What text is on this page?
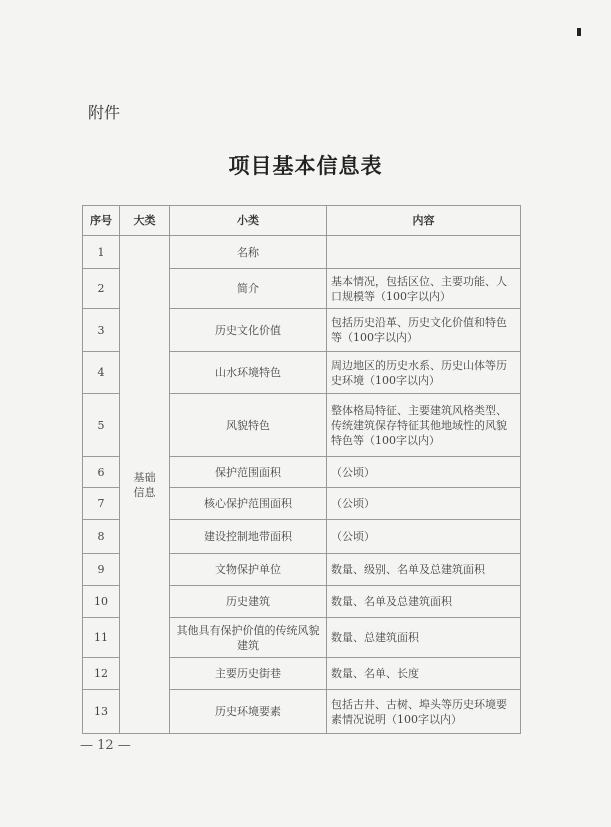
附件
项目基本信息表
序号	大类	小类	内容
1	基础信息	名称	
2		简介	基本情况，包括区位、主要功能、人口规模等（100字以内）
3		历史文化价值	包括历史沿革、历史文化价值和特色等（100字以内）
4		山水环境特色	周边地区的历史水系、历史山体等历史环境（100字以内）
5		风貌特色	整体格局特征、主要建筑风格类型、传统建筑保存特征其他地域性的风貌特色等（100字以内）
6		保护范围面积	（公顷）
7		核心保护范围面积	（公顷）
8		建设控制地带面积	（公顷）
9		文物保护单位	数量、级别、名单及总建筑面积
10		历史建筑	数量、名单及总建筑面积
11		其他具有保护价值的传统风貌建筑	数量、总建筑面积
12		主要历史街巷	数量、名单、长度
13		历史环境要素	包括古井、古树、埠头等历史环境要素情况说明（100字以内）
— 12 —
